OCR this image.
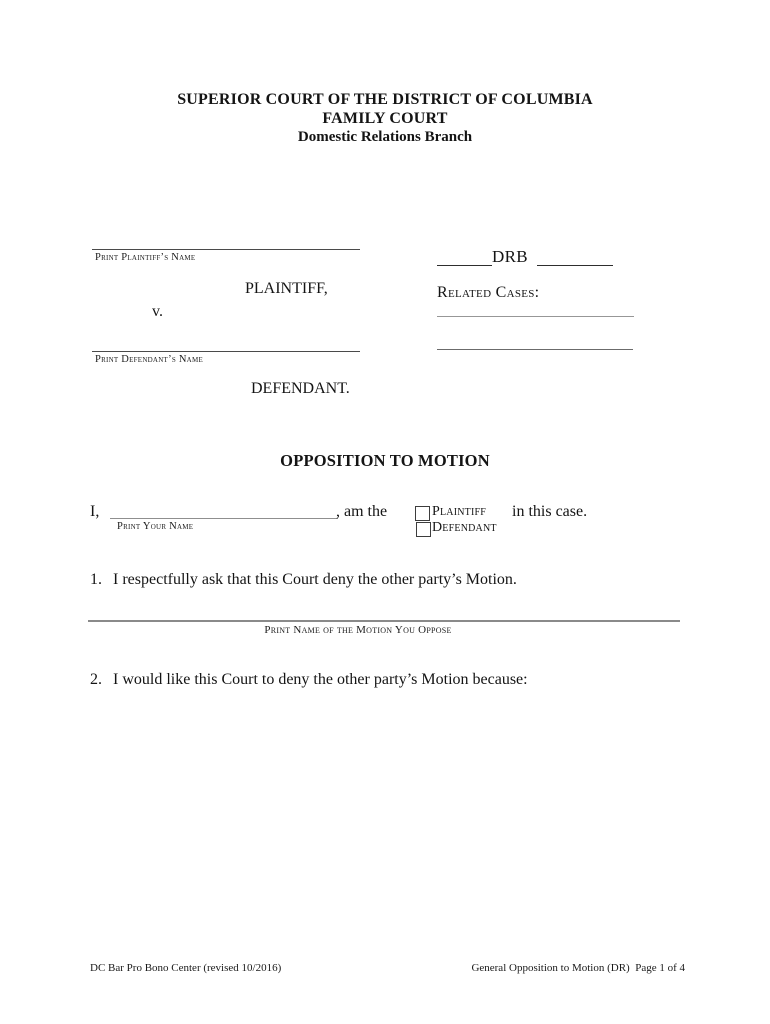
SUPERIOR COURT OF THE DISTRICT OF COLUMBIA
FAMILY COURT
Domestic Relations Branch
Print Plaintiff’s Name
PLAINTIFF,
v.
Print Defendant’s Name
DEFENDANT.
DRB
Related Cases:
OPPOSITION TO MOTION
I,	, am the
Print Your Name
Plaintiff
Defendant
in this case.
1. I respectfully ask that this Court deny the other party’s Motion.
Print Name of the Motion You Oppose
2. I would like this Court to deny the other party’s Motion because:
DC Bar Pro Bono Center (revised 10/2016)	General Opposition to Motion (DR)  Page 1 of 4
